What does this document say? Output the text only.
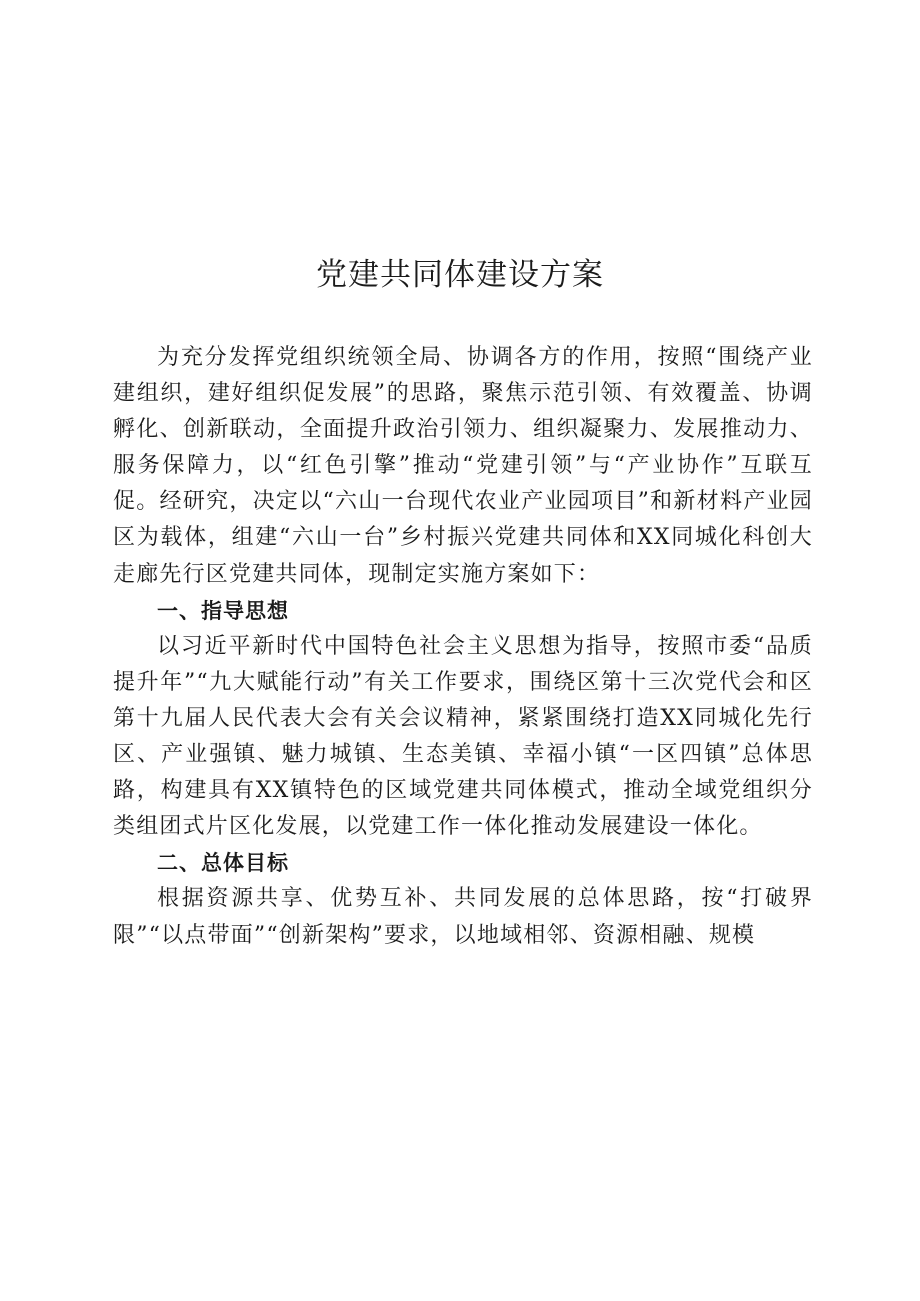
党建共同体建设方案

为充分发挥党组织统领全局、协调各方的作用，按照“围绕产业建组织，建好组织促发展”的思路，聚焦示范引领、有效覆盖、协调孵化、创新联动，全面提升政治引领力、组织凝聚力、发展推动力、服务保障力，以“红色引擎”推动“党建引领”与“产业协作”互联互促。经研究，决定以“六山一台现代农业产业园项目”和新材料产业园区为载体，组建“六山一台”乡村振兴党建共同体和XX同城化科创大走廊先行区党建共同体，现制定实施方案如下：

一、指导思想

以习近平新时代中国特色社会主义思想为指导，按照市委“品质提升年”“九大赋能行动”有关工作要求，围绕区第十三次党代会和区第十九届人民代表大会有关会议精神，紧紧围绕打造XX同城化先行区、产业强镇、魅力城镇、生态美镇、幸福小镇“一区四镇”总体思路，构建具有XX镇特色的区域党建共同体模式，推动全域党组织分类组团式片区化发展，以党建工作一体化推动发展建设一体化。

二、总体目标

根据资源共享、优势互补、共同发展的总体思路，按“打破界限”“以点带面”“创新架构”要求，以地域相邻、资源相融、规模
